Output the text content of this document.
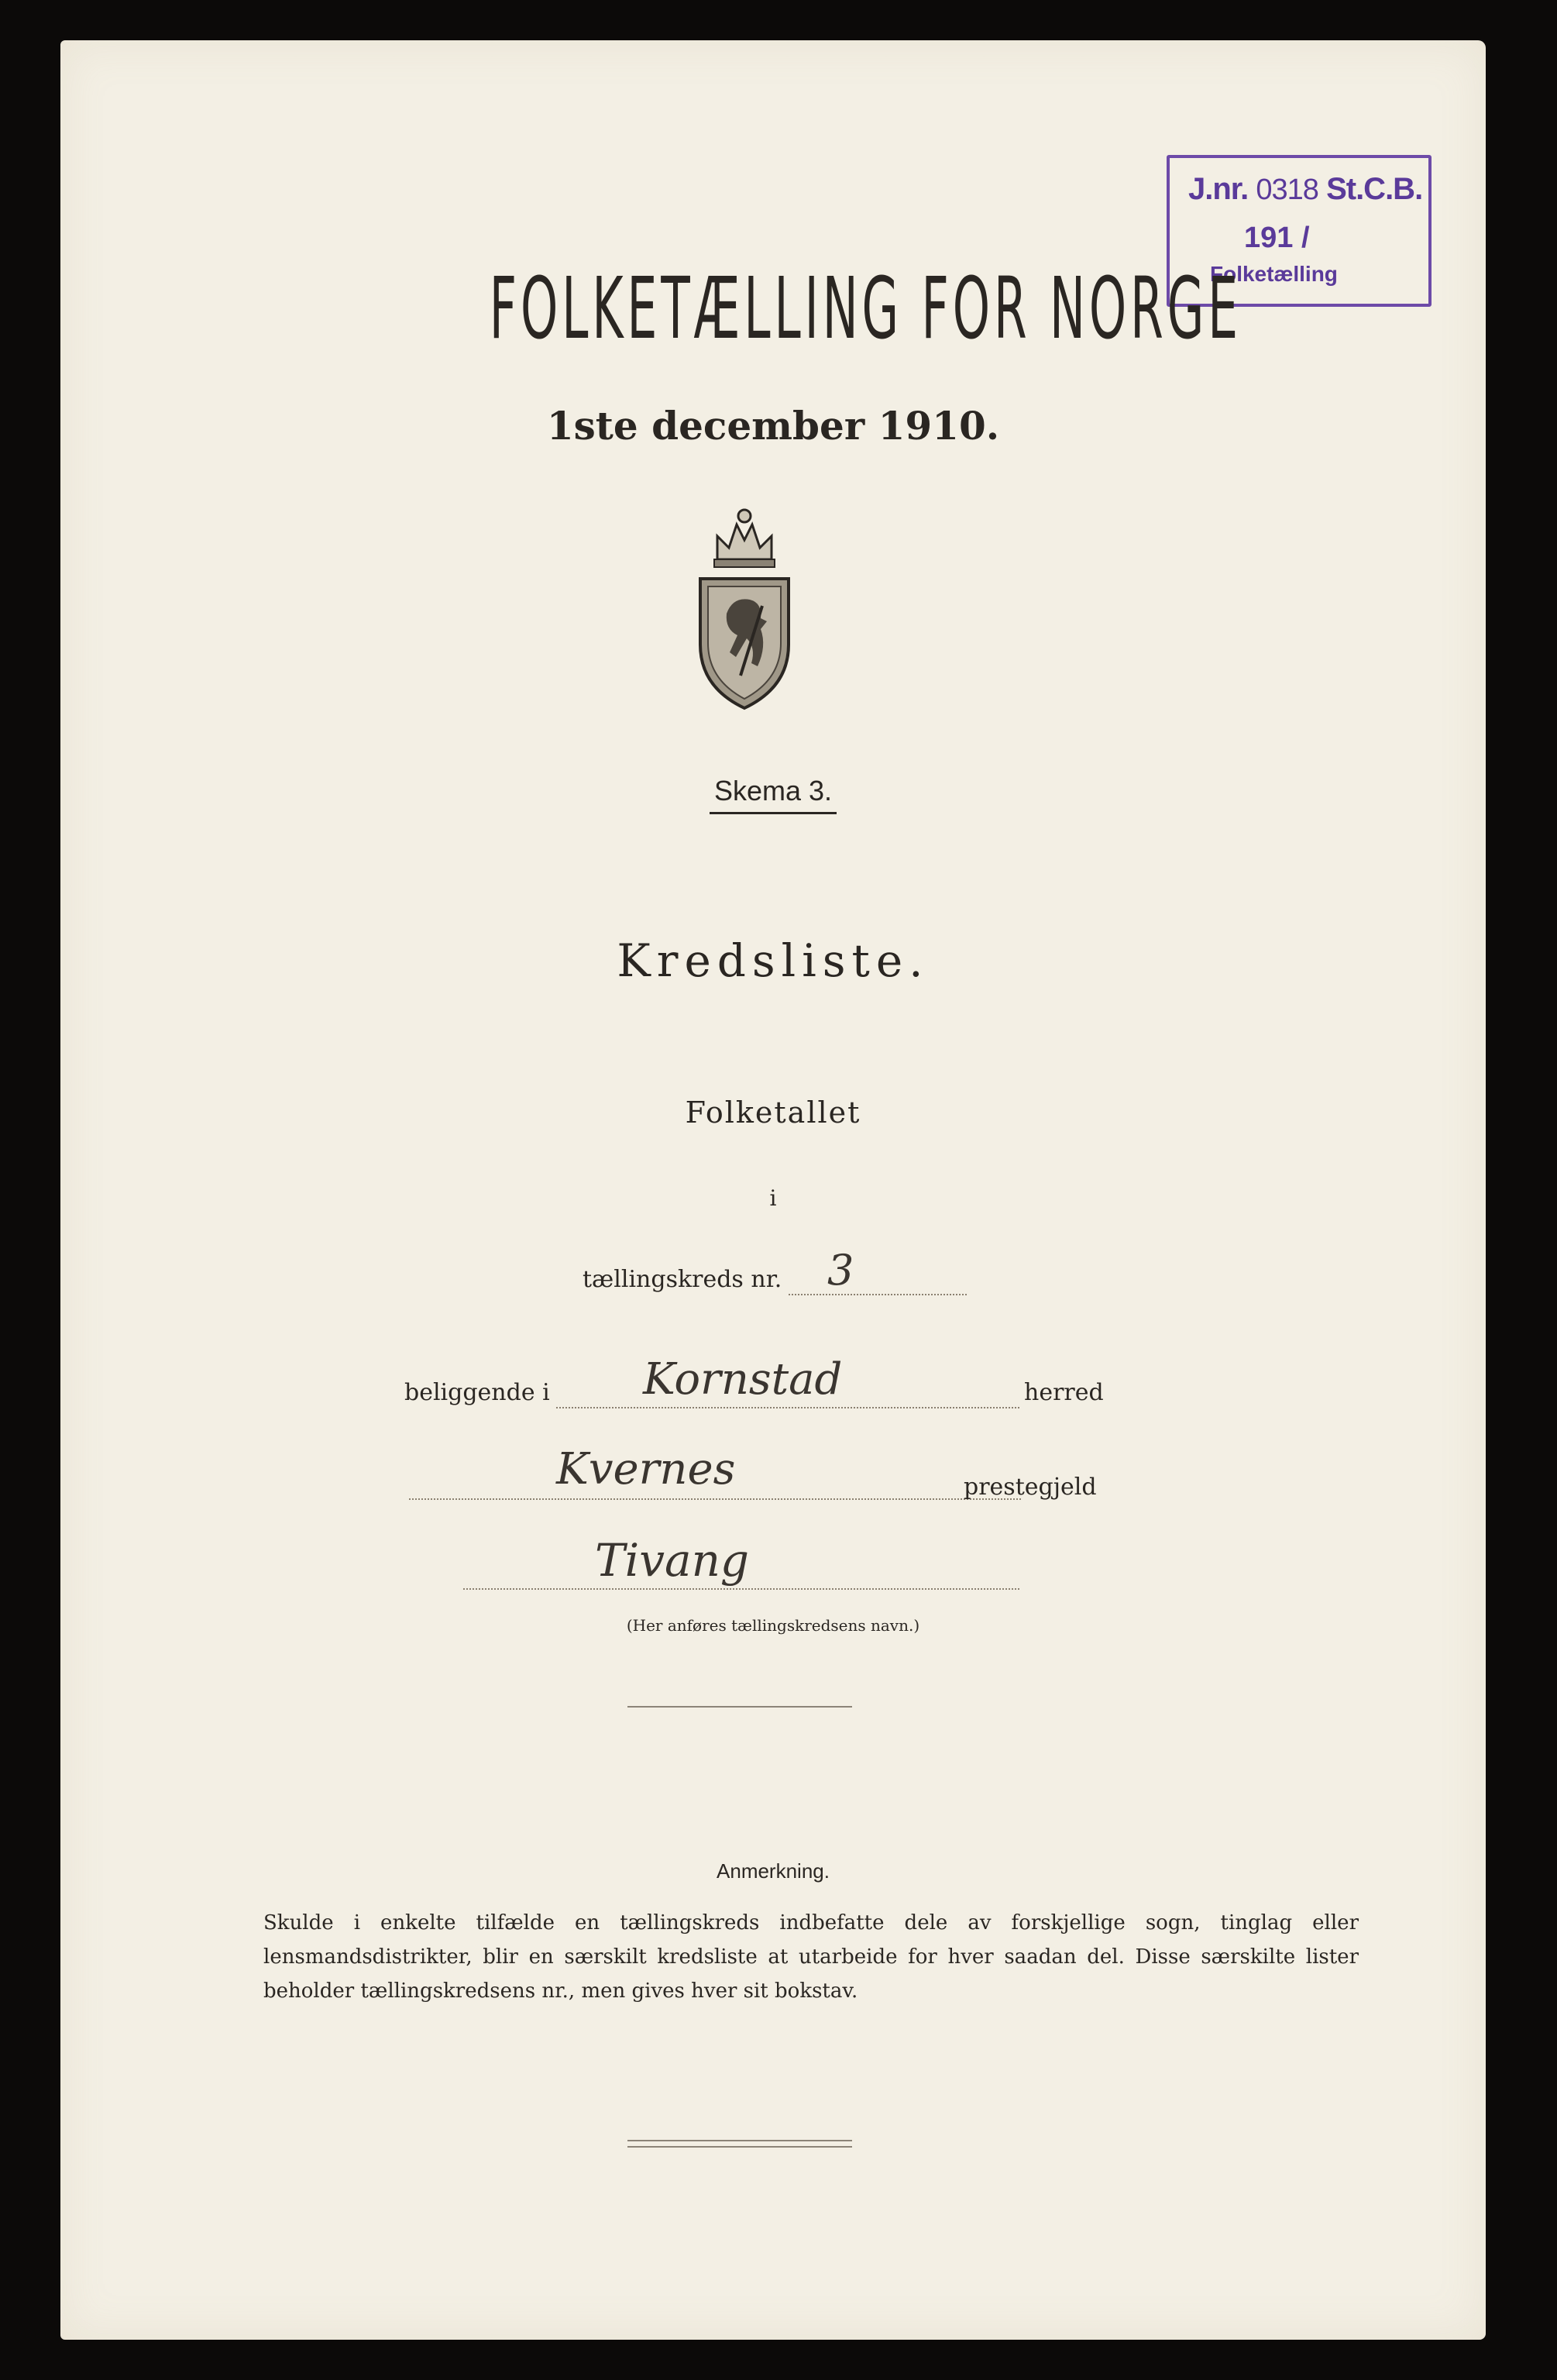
J.nr. 0318 St.C.B.
191 /
Folketælling
FOLKETÆLLING FOR NORGE
1ste december 1910.
Skema 3.
Kredsliste.
Folketallet
i
tællingskreds nr. 3
beliggende i Kornstad	herred
Kvernes	prestegjeld
Tivang
(Her anføres tællingskredsens navn.)
Anmerkning.
Skulde i enkelte tilfælde en tællingskreds indbefatte dele av forskjellige sogn, tinglag eller lensmandsdistrikter, blir en særskilt kredsliste at utarbeide for hver saadan del. Disse særskilte lister beholder tællingskredsens nr., men gives hver sit bokstav.
